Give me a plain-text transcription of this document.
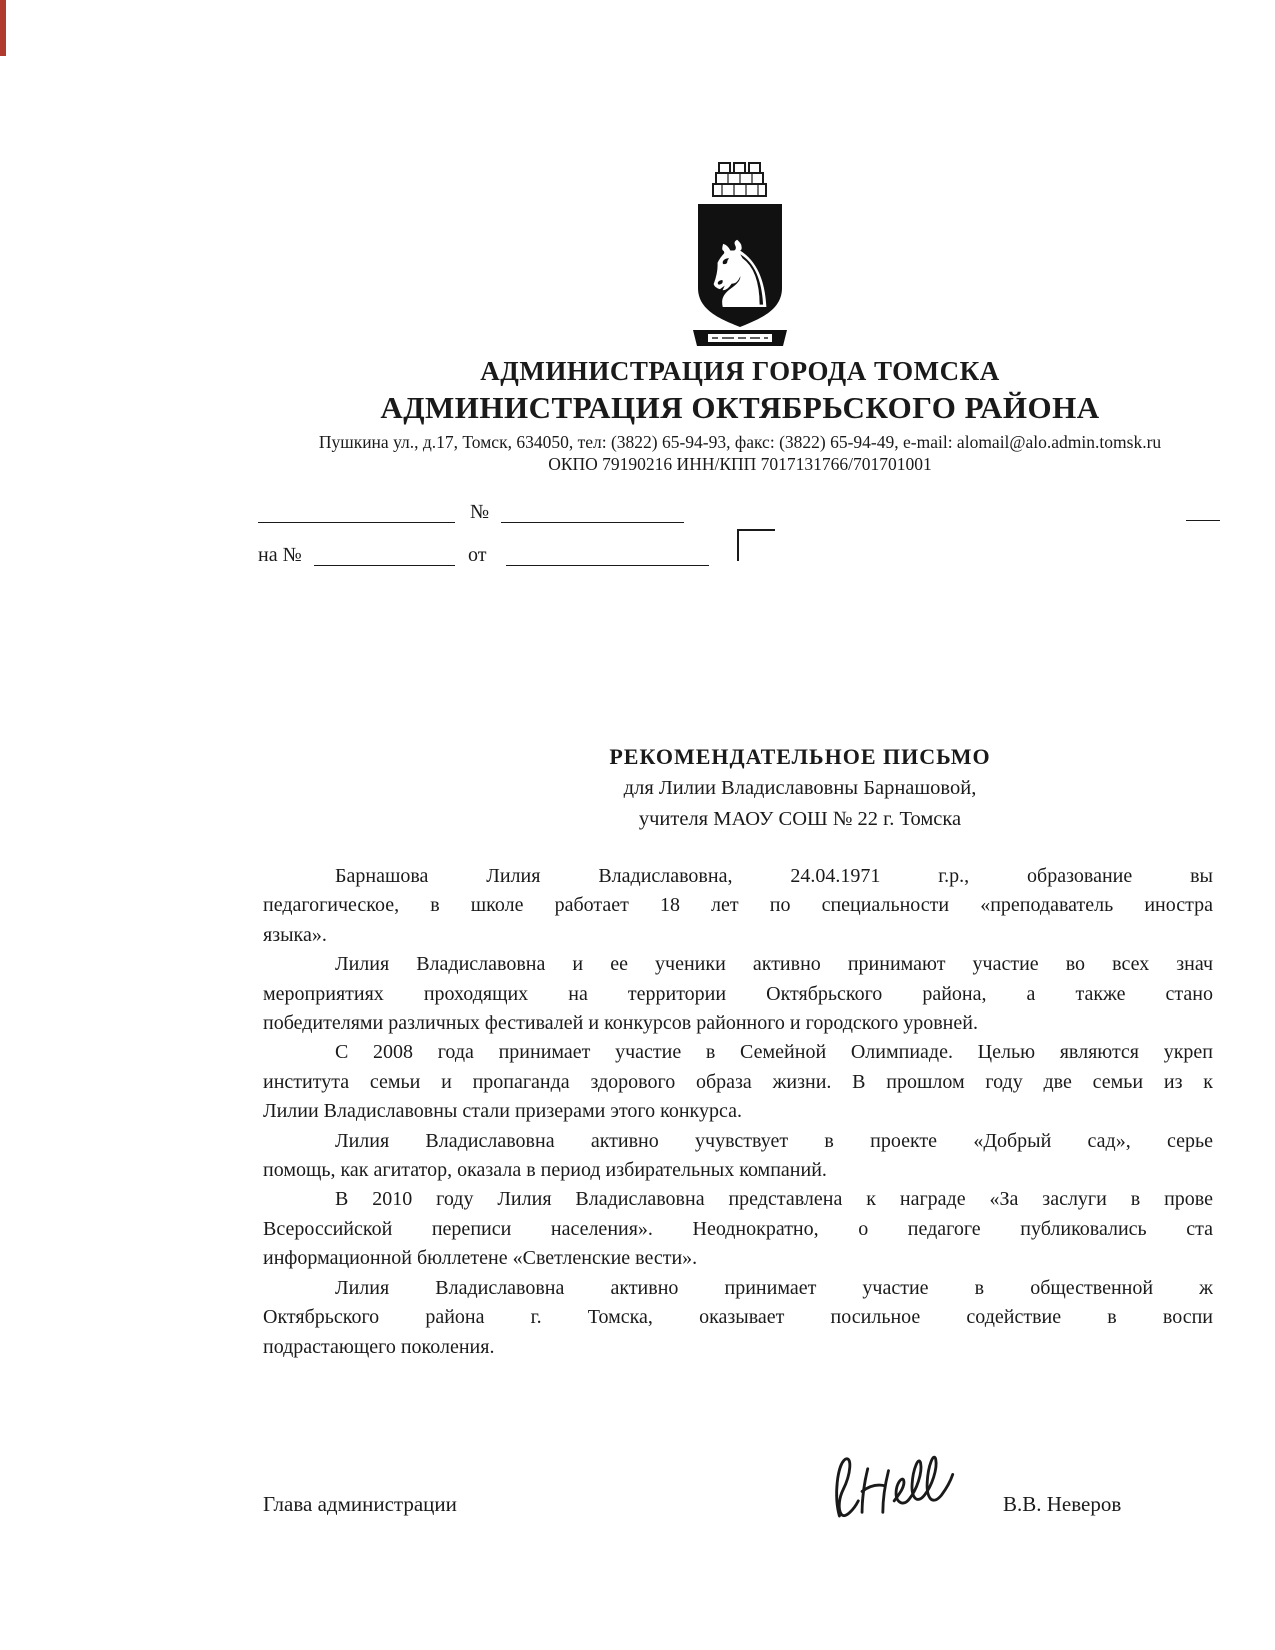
♞
АДМИНИСТРАЦИЯ ГОРОДА ТОМСКА
АДМИНИСТРАЦИЯ ОКТЯБРЬСКОГО РАЙОНА
Пушкина ул., д.17, Томск, 634050, тел: (3822) 65-94-93, факс: (3822) 65-94-49, e-mail: alomail@alo.admin.tomsk.ru
ОКПО 79190216 ИНН/КПП 7017131766/701701001
№
на №	от
РЕКОМЕНДАТЕЛЬНОЕ ПИСЬМО
для Лилии Владиславовны Барнашовой,
учителя МАОУ СОШ № 22 г. Томска
Барнашова Лилия Владиславовна, 24.04.1971 г.р., образование вы
педагогическое, в школе работает 18 лет по специальности «преподаватель иностра
языка».
Лилия Владиславовна и ее ученики активно принимают участие во всех знач
мероприятиях проходящих на территории Октябрьского района, а также стано
победителями различных фестивалей и конкурсов районного и городского уровней.
С 2008 года принимает участие в Семейной Олимпиаде. Целью являются укреп
института семьи и пропаганда здорового образа жизни. В прошлом году две семьи из к
Лилии Владиславовны стали призерами этого конкурса.
Лилия Владиславовна активно учувствует в проекте «Добрый сад», серье
помощь, как агитатор, оказала в период избирательных компаний.
В 2010 году Лилия Владиславовна представлена к награде «За заслуги в прове
Всероссийской переписи населения». Неоднократно, о педагоге публиковались ста
информационной бюллетене «Светленские вести».
Лилия Владиславовна активно принимает участие в общественной ж
Октябрьского района г. Томска, оказывает посильное содействие в воспи
подрастающего поколения.
Глава администрации	В.В. Неверов
